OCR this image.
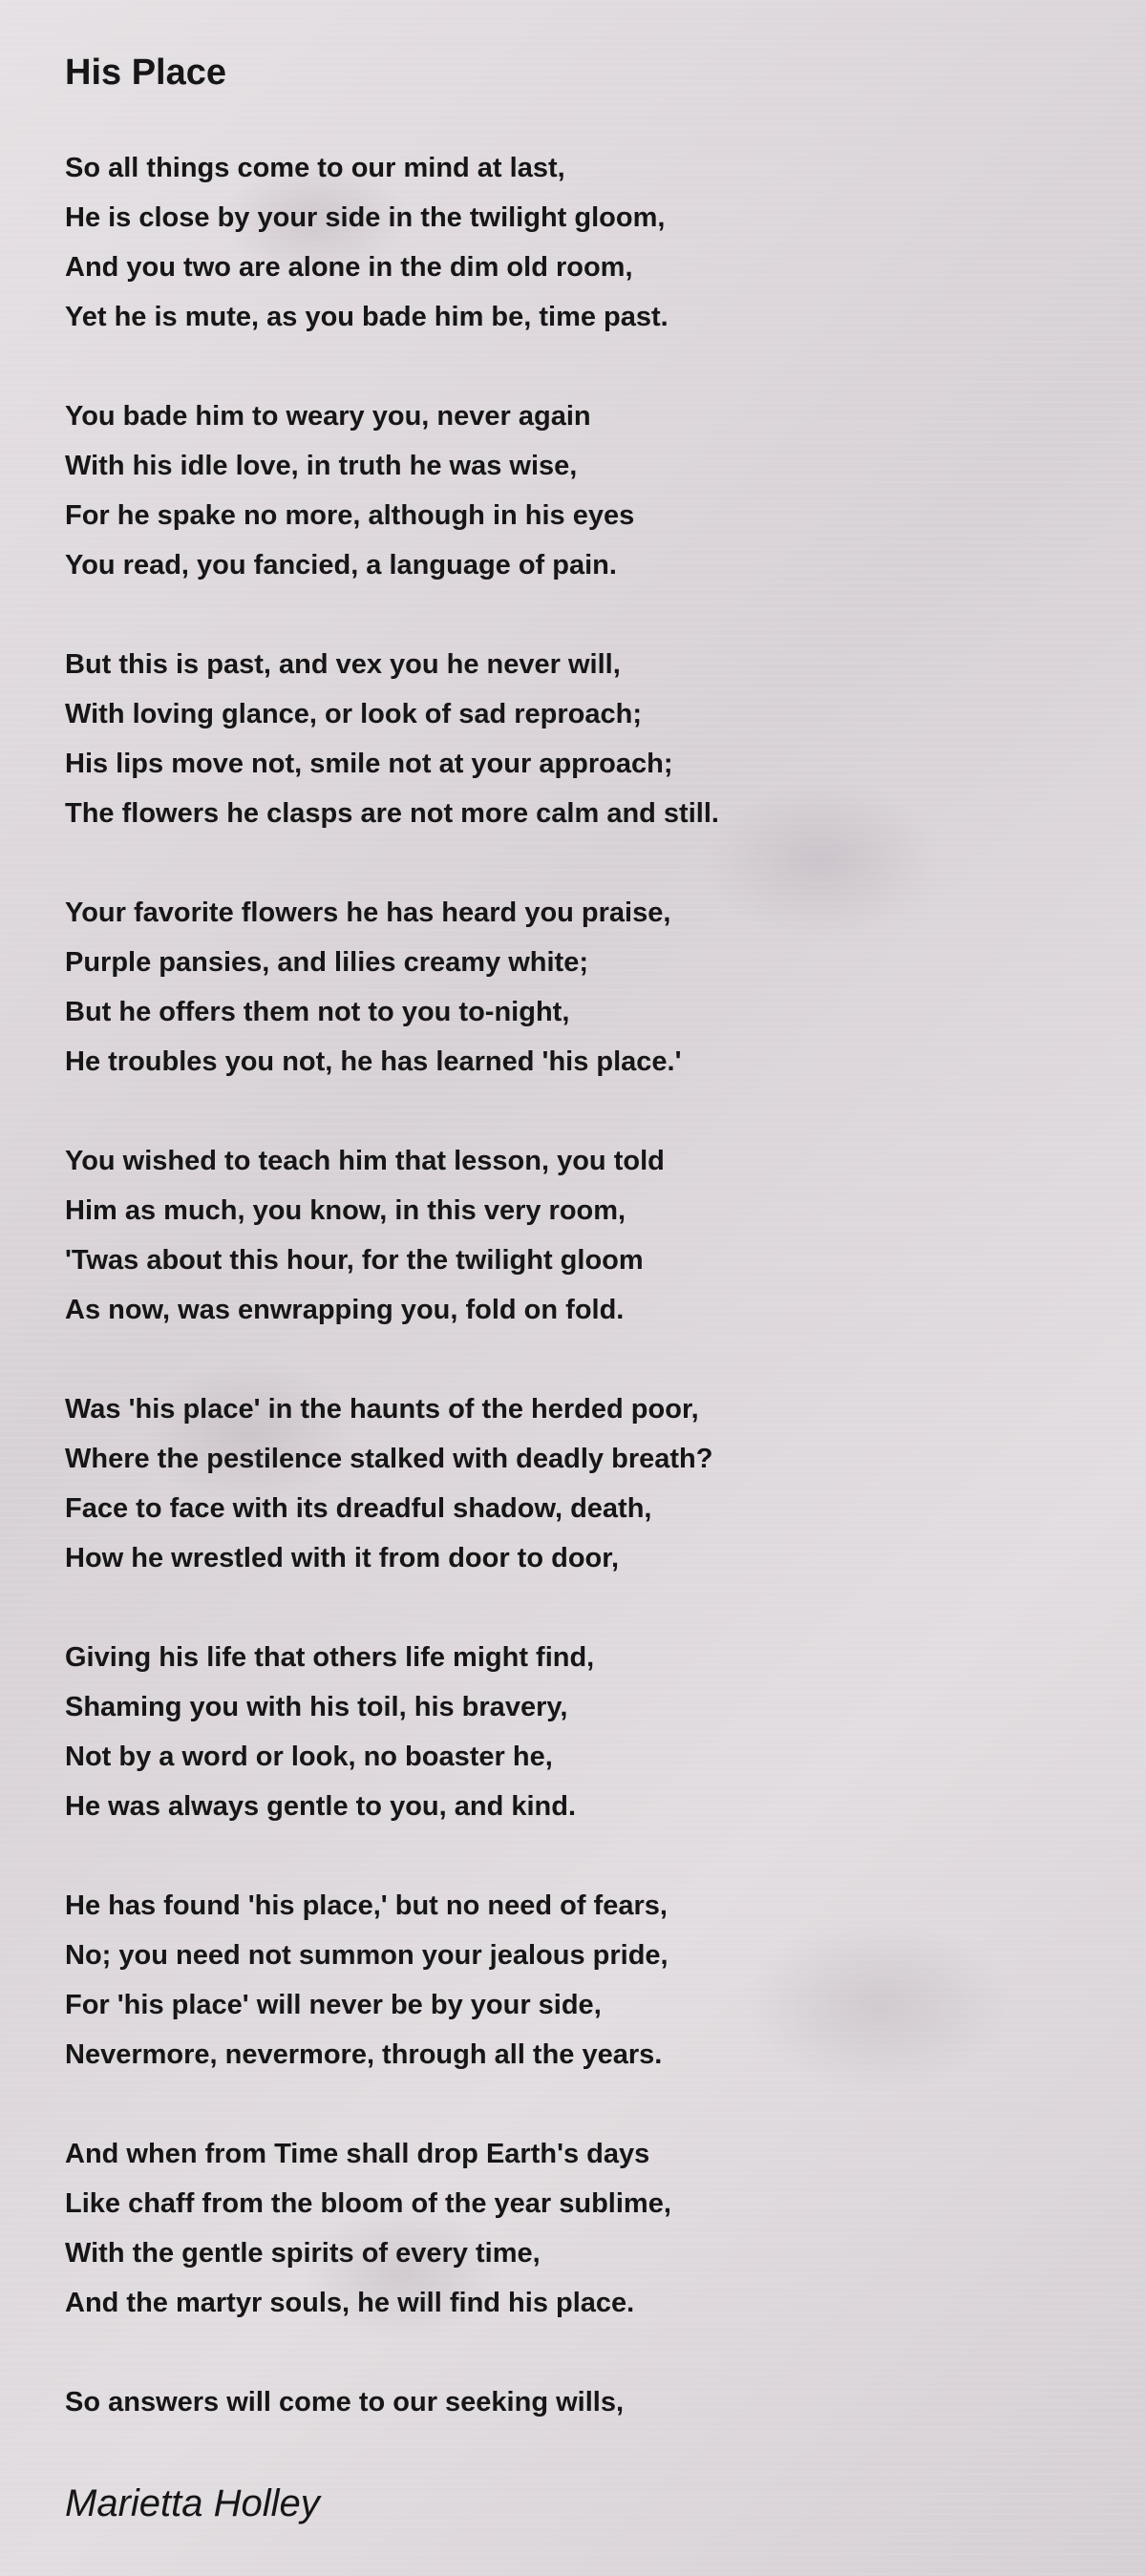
His Place
So all things come to our mind at last,
He is close by your side in the twilight gloom,
And you two are alone in the dim old room,
Yet he is mute, as you bade him be, time past.
You bade him to weary you, never again
With his idle love, in truth he was wise,
For he spake no more, although in his eyes
You read, you fancied, a language of pain.
But this is past, and vex you he never will,
With loving glance, or look of sad reproach;
His lips move not, smile not at your approach;
The flowers he clasps are not more calm and still.
Your favorite flowers he has heard you praise,
Purple pansies, and lilies creamy white;
But he offers them not to you to-night,
He troubles you not, he has learned 'his place.'
You wished to teach him that lesson, you told
Him as much, you know, in this very room,
'Twas about this hour, for the twilight gloom
As now, was enwrapping you, fold on fold.
Was 'his place' in the haunts of the herded poor,
Where the pestilence stalked with deadly breath?
Face to face with its dreadful shadow, death,
How he wrestled with it from door to door,
Giving his life that others life might find,
Shaming you with his toil, his bravery,
Not by a word or look, no boaster he,
He was always gentle to you, and kind.
He has found 'his place,' but no need of fears,
No; you need not summon your jealous pride,
For 'his place' will never be by your side,
Nevermore, nevermore, through all the years.
And when from Time shall drop Earth's days
Like chaff from the bloom of the year sublime,
With the gentle spirits of every time,
And the martyr souls, he will find his place.
So answers will come to our seeking wills,
Marietta Holley
